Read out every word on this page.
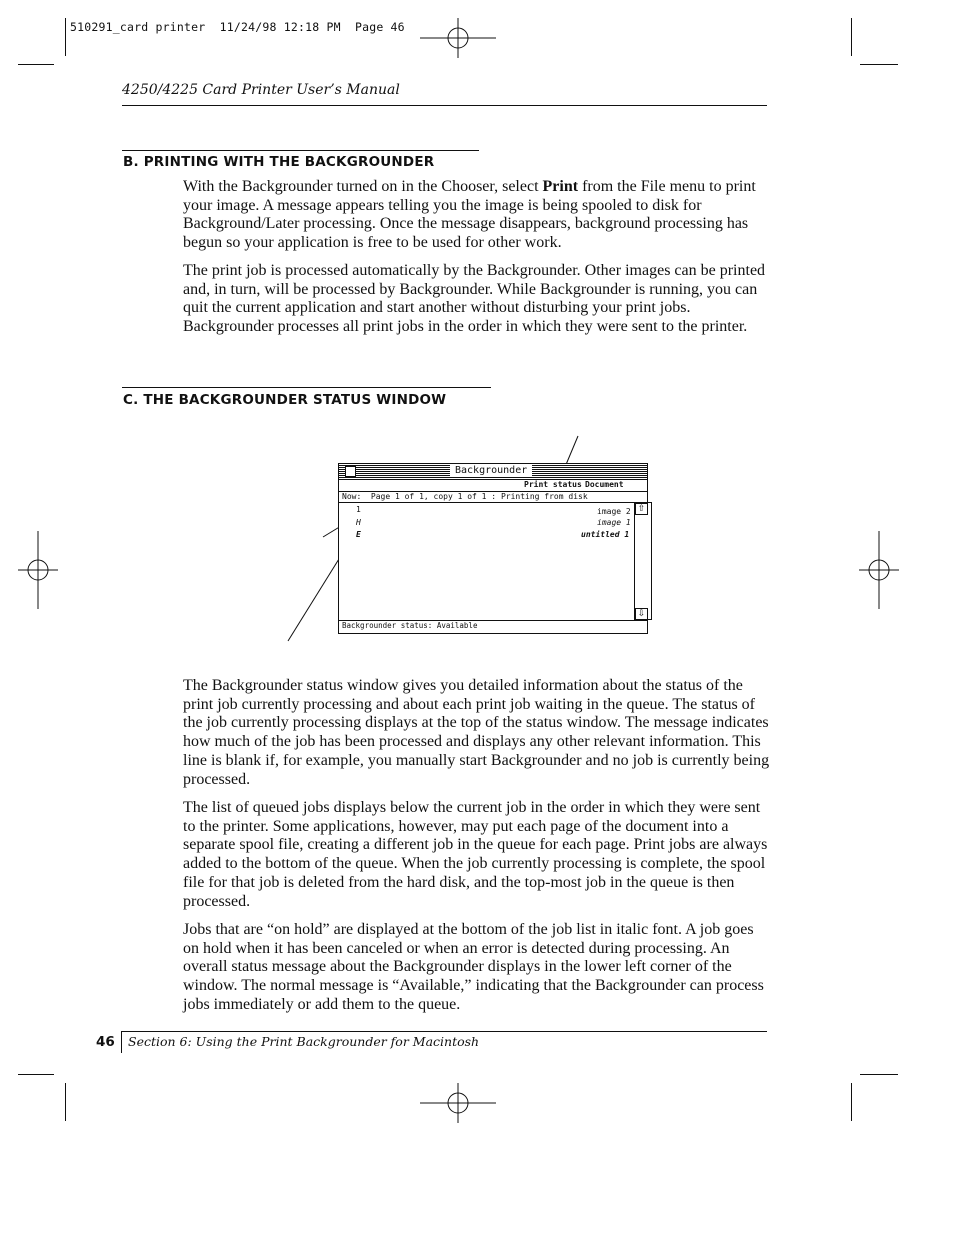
510291_card printer  11/24/98 12:18 PM  Page 46
4250/4225 Card Printer User’s Manual
B. PRINTING WITH THE BACKGROUNDER

With the Backgrounder turned on in the Chooser, select Print from the File menu to print your image. A message appears telling you the image is being spooled to disk for Background/Later processing. Once the message disappears, background processing has begun so your application is free to be used for other work.

The print job is processed automatically by the Backgrounder. Other images can be printed and, in turn, will be processed by Backgrounder. While Backgrounder is running, you can quit the current application and start another without disturbing your print jobs. Backgrounder processes all print jobs in the order in which they were sent to the printer.

C. THE BACKGROUNDER STATUS WINDOW
Backgrounder
Print status Document
Now:  Page 1 of 1, copy 1 of 1 : Printing from disk
1	image 2
H	image 1
E	untitled 1
⇧
⇩
Backgrounder status: Available

The Backgrounder status window gives you detailed information about the status of the print job currently processing and about each print job waiting in the queue. The status of the job currently processing displays at the top of the status window. The message indicates how much of the job has been processed and displays any other relevant information. This line is blank if, for example, you manually start Backgrounder and no job is currently being processed.

The list of queued jobs displays below the current job in the order in which they were sent to the printer. Some applications, however, may put each page of the document into a separate spool file, creating a different job in the queue for each page. Print jobs are always added to the bottom of the queue. When the job currently processing is complete, the spool file for that job is deleted from the hard disk, and the top-most job in the queue is then processed.

Jobs that are “on hold” are displayed at the bottom of the job list in italic font. A job goes on hold when it has been canceled or when an error is detected during processing. An overall status message about the Backgrounder displays in the lower left corner of the window. The normal message is “Available,” indicating that the Backgrounder can process jobs immediately or add them to the queue.

46 Section 6: Using the Print Backgrounder for Macintosh
